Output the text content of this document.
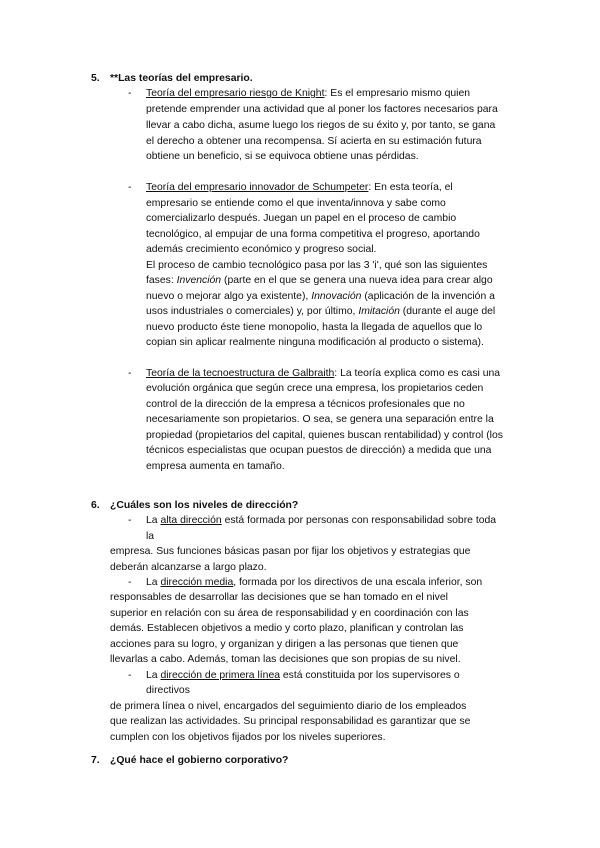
5. **Las teorías del empresario.
- Teoría del empresario riesgo de Knight: Es el empresario mismo quien
pretende emprender una actividad que al poner los factores necesarios para
llevar a cabo dicha, asume luego los riegos de su éxito y, por tanto, se gana
el derecho a obtener una recompensa. Sí acierta en su estimación futura
obtiene un beneficio, si se equivoca obtiene unas pérdidas.
- Teoría del empresario innovador de Schumpeter: En esta teoría, el
empresario se entiende como el que inventa/innova y sabe como
comercializarlo después. Juegan un papel en el proceso de cambio
tecnológico, al empujar de una forma competitiva el progreso, aportando
además crecimiento económico y progreso social.
El proceso de cambio tecnológico pasa por las 3 'i', qué son las siguientes
fases: Invención (parte en el que se genera una nueva idea para crear algo
nuevo o mejorar algo ya existente), Innovación (aplicación de la invención a
usos industriales o comerciales) y, por último, Imitación (durante el auge del
nuevo producto éste tiene monopolio, hasta la llegada de aquellos que lo
copian sin aplicar realmente ninguna modificación al producto o sistema).
- Teoría de la tecnoestructura de Galbraith: La teoría explica como es casi una
evolución orgánica que según crece una empresa, los propietarios ceden
control de la dirección de la empresa a técnicos profesionales que no
necesariamente son propietarios. O sea, se genera una separación entre la
propiedad (propietarios del capital, quienes buscan rentabilidad) y control (los
técnicos especialistas que ocupan puestos de dirección) a medida que una
empresa aumenta en tamaño.
6. ¿Cuáles son los niveles de dirección?
- La alta dirección está formada por personas con responsabilidad sobre toda
la
empresa. Sus funciones básicas pasan por fijar los objetivos y estrategias que
deberán alcanzarse a largo plazo.
- La dirección media, formada por los directivos de una escala inferior, son
responsables de desarrollar las decisiones que se han tomado en el nivel
superior en relación con su área de responsabilidad y en coordinación con las
demás. Establecen objetivos a medio y corto plazo, planifican y controlan las
acciones para su logro, y organizan y dirigen a las personas que tienen que
llevarlas a cabo. Además, toman las decisiones que son propias de su nivel.
- La dirección de primera línea está constituida por los supervisores o
directivos
de primera línea o nivel, encargados del seguimiento diario de los empleados
que realizan las actividades. Su principal responsabilidad es garantizar que se
cumplen con los objetivos fijados por los niveles superiores.
7. ¿Qué hace el gobierno corporativo?
